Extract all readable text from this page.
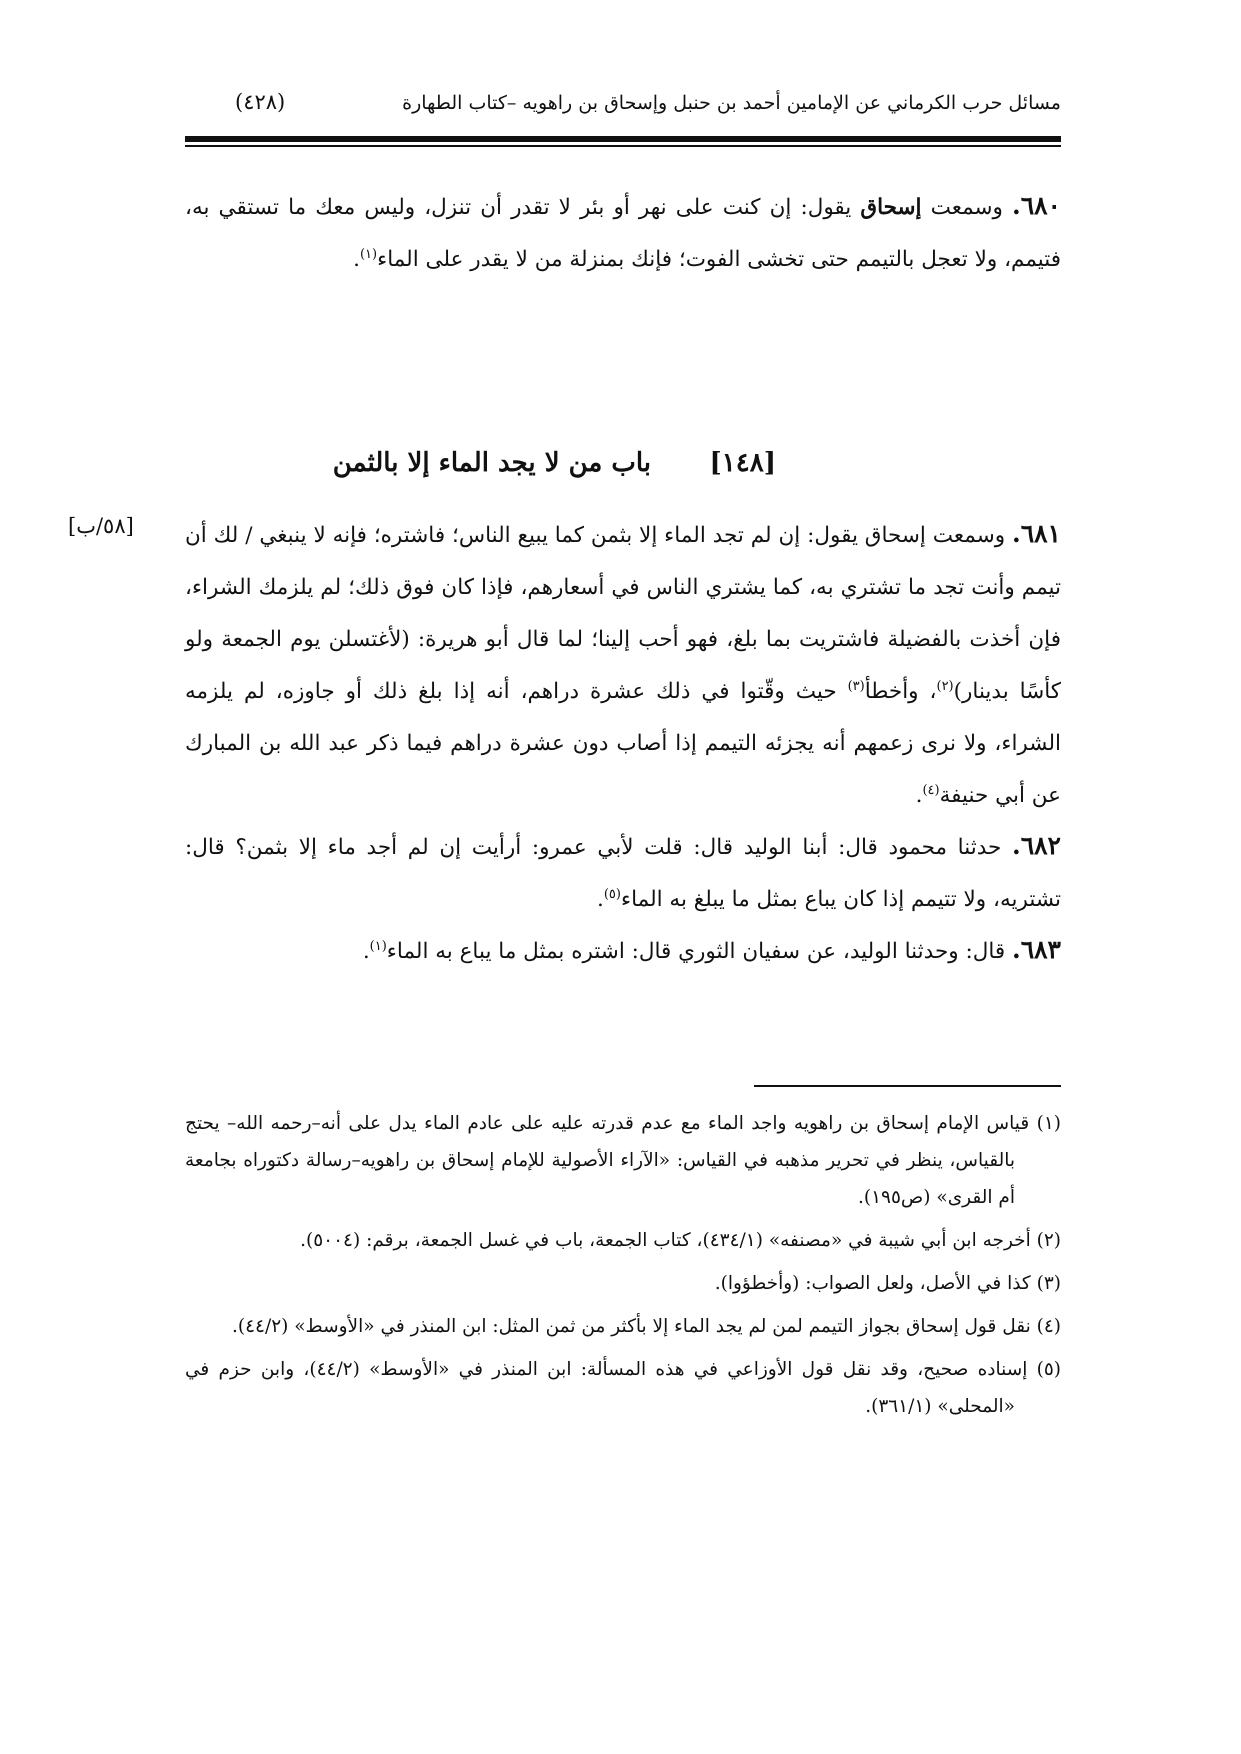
مسائل حرب الكرماني عن الإمامين أحمد بن حنبل وإسحاق بن راهويه –كتاب الطهارة
(٤٢٨)

٦٨٠. وسمعت إسحاق يقول: إن كنت على نهر أو بئر لا تقدر أن تنزل، وليس معك ما تستقي به، فتيمم، ولا تعجل بالتيمم حتى تخشى الفوت؛ فإنك بمنزلة من لا يقدر على الماء$^{(١)}$.

[١٤٨]
باب من لا يجد الماء إلا بالثمن
[٥٨/ب]	٦٨١. وسمعت إسحاق يقول: إن لم تجد الماء إلا بثمن كما يبيع الناس؛ فاشتره؛ فإنه لا ينبغي / لك أن تيمم وأنت تجد ما تشتري به، كما يشتري الناس في أسعارهم، فإذا كان فوق ذلك؛ لم يلزمك الشراء، فإن أخذت بالفضيلة فاشتريت بما بلغ، فهو أحب إلينا؛ لما قال أبو هريرة: (لأغتسلن يوم الجمعة ولو كأسًا بدينار)$^{(٢)}$، وأخطأ$^{(٣)}$ حيث وقّتوا في ذلك عشرة دراهم، أنه إذا بلغ ذلك أو جاوزه، لم يلزمه الشراء، ولا نرى زعمهم أنه يجزئه التيمم إذا أصاب دون عشرة دراهم فيما ذكر عبد الله بن المبارك عن أبي حنيفة$^{(٤)}$.

٦٨٢. حدثنا محمود قال: أبنا الوليد قال: قلت لأبي عمرو: أرأيت إن لم أجد ماء إلا بثمن؟ قال: تشتريه، ولا تتيمم إذا كان يباع بمثل ما يبلغ به الماء$^{(٥)}$.

٦٨٣. قال: وحدثنا الوليد، عن سفيان الثوري قال: اشتره بمثل ما يباع به الماء$^{(١)}$.

(١) قياس الإمام إسحاق بن راهويه واجد الماء مع عدم قدرته عليه على عادم الماء يدل على أنه–رحمه الله– يحتج بالقياس، ينظر في تحرير مذهبه في القياس: «الآراء الأصولية للإمام إسحاق بن راهويه–رسالة دكتوراه بجامعة أم القرى» (ص١٩٥).

(٢) أخرجه ابن أبي شيبة في «مصنفه» (٤٣٤/١)، كتاب الجمعة، باب في غسل الجمعة، برقم: (٥٠٠٤).

(٣) كذا في الأصل، ولعل الصواب: (وأخطؤوا).

(٤) نقل قول إسحاق بجواز التيمم لمن لم يجد الماء إلا بأكثر من ثمن المثل: ابن المنذر في «الأوسط» (٤٤/٢).

(٥) إسناده صحيح، وقد نقل قول الأوزاعي في هذه المسألة: ابن المنذر في «الأوسط» (٤٤/٢)، وابن حزم في «المحلى» (٣٦١/١).
